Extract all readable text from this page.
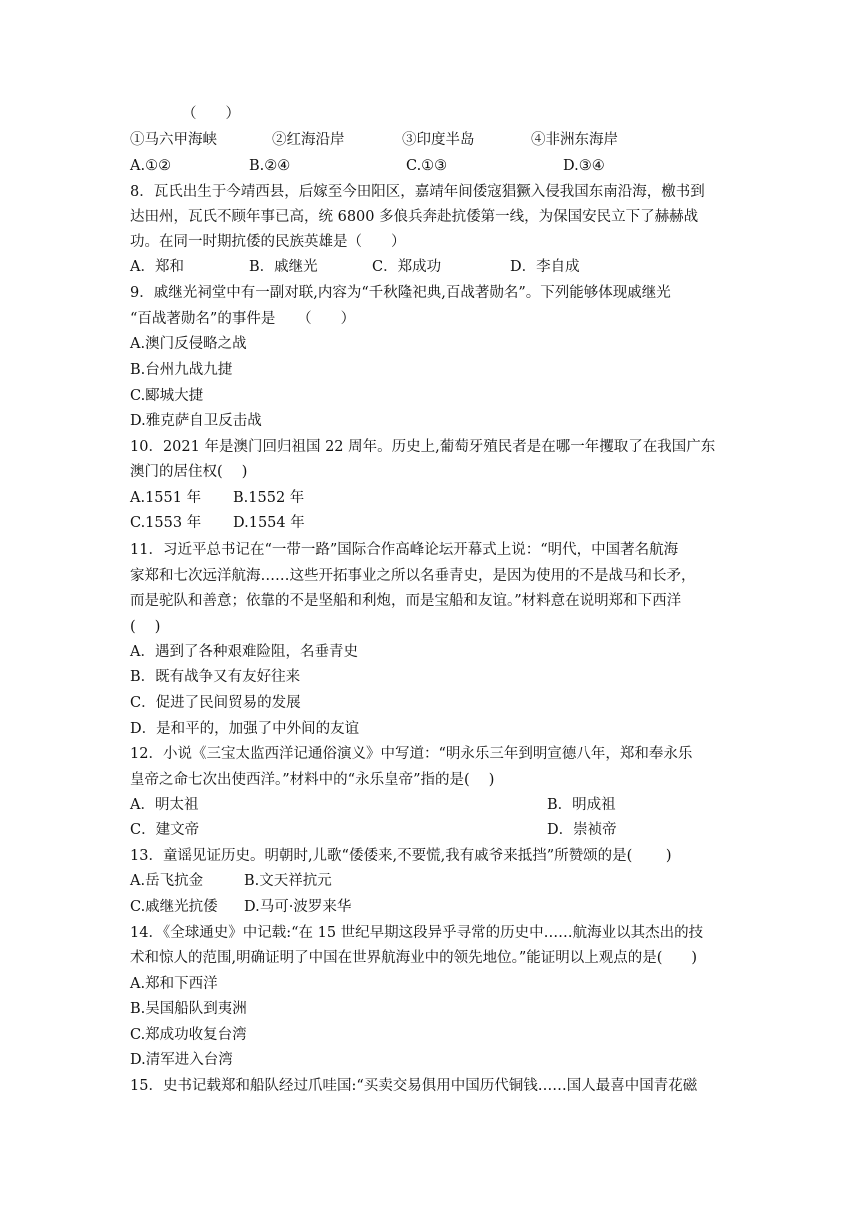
（　　）
①马六甲海峡	②红海沿岸	③印度半岛	④非洲东海岸
A.①②	B.②④	C.①③	D.③④
8．瓦氏出生于今靖西县，后嫁至今田阳区，嘉靖年间倭寇猖獗入侵我国东南沿海，檄书到
达田州，瓦氏不顾年事已高，统 6800 多俍兵奔赴抗倭第一线，为保国安民立下了赫赫战
功。在同一时期抗倭的民族英雄是（　　）
A．郑和	B．戚继光	C．郑成功	D．李自成
9．戚继光祠堂中有一副对联,内容为“千秋隆祀典,百战著勋名”。下列能够体现戚继光
“百战著勋名”的事件是　　（　　）
A.澳门反侵略之战
B.台州九战九捷
C.郾城大捷
D.雅克萨自卫反击战
10．2021 年是澳门回归祖国 22 周年。历史上,葡萄牙殖民者是在哪一年攫取了在我国广东
澳门的居住权(　 )
A.1551 年 B.1552 年
C.1553 年 D.1554 年
11．习近平总书记在“一带一路”国际合作高峰论坛开幕式上说：“明代，中国著名航海
家郑和七次远洋航海……这些开拓事业之所以名垂青史，是因为使用的不是战马和长矛，
而是驼队和善意；依靠的不是坚船和利炮，而是宝船和友谊。”材料意在说明郑和下西洋
(　 )
A．遇到了各种艰难险阻，名垂青史
B．既有战争又有友好往来
C．促进了民间贸易的发展
D．是和平的，加强了中外间的友谊
12．小说《三宝太监西洋记通俗演义》中写道：“明永乐三年到明宣德八年，郑和奉永乐
皇帝之命七次出使西洋。”材料中的“永乐皇帝”指的是(　 )
A．明太祖	B．明成祖
C．建文帝	D．崇祯帝
13．童谣见证历史。明朝时,儿歌“倭倭来,不要慌,我有戚爷来抵挡”所赞颂的是(　　 )
A.岳飞抗金	B.文天祥抗元
C.戚继光抗倭 D.马可·波罗来华
14．《全球通史》中记载:“在 15 世纪早期这段异乎寻常的历史中……航海业以其杰出的技
术和惊人的范围,明确证明了中国在世界航海业中的领先地位。”能证明以上观点的是(　　)
A.郑和下西洋
B.吴国船队到夷洲
C.郑成功收复台湾
D.清军进入台湾
15．史书记载郑和船队经过爪哇国:“买卖交易俱用中国历代铜钱……国人最喜中国青花磁
